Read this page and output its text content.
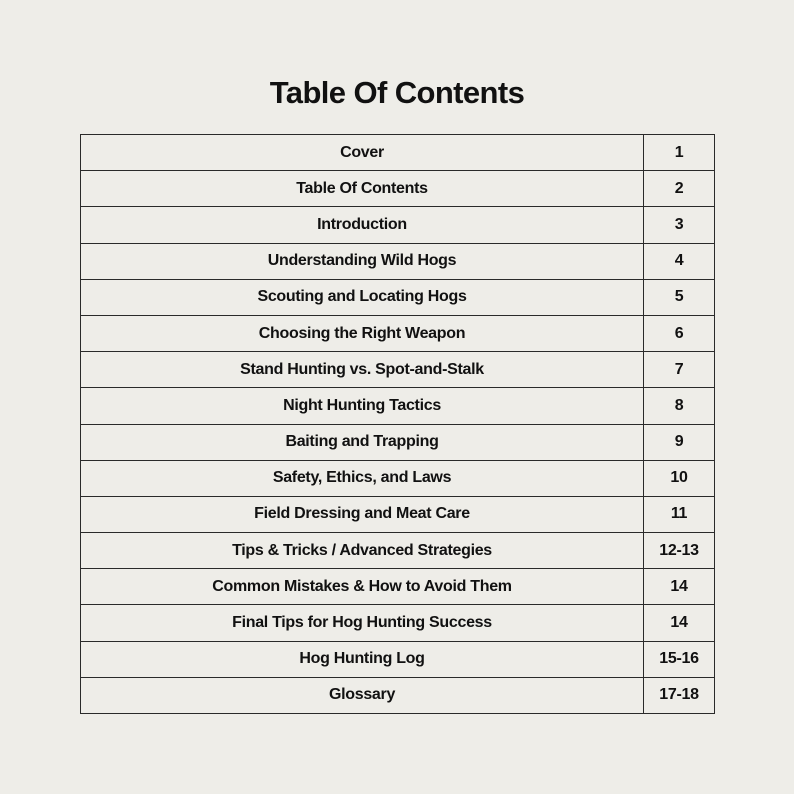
Table Of Contents
Cover	1
Table Of Contents	2
Introduction	3
Understanding Wild Hogs	4
Scouting and Locating Hogs	5
Choosing the Right Weapon	6
Stand Hunting vs. Spot-and-Stalk	7
Night Hunting Tactics	8
Baiting and Trapping	9
Safety, Ethics, and Laws	10
Field Dressing and Meat Care	11
Tips & Tricks / Advanced Strategies	12-13
Common Mistakes & How to Avoid Them	14
Final Tips for Hog Hunting Success	14
Hog Hunting Log	15-16
Glossary	17-18
